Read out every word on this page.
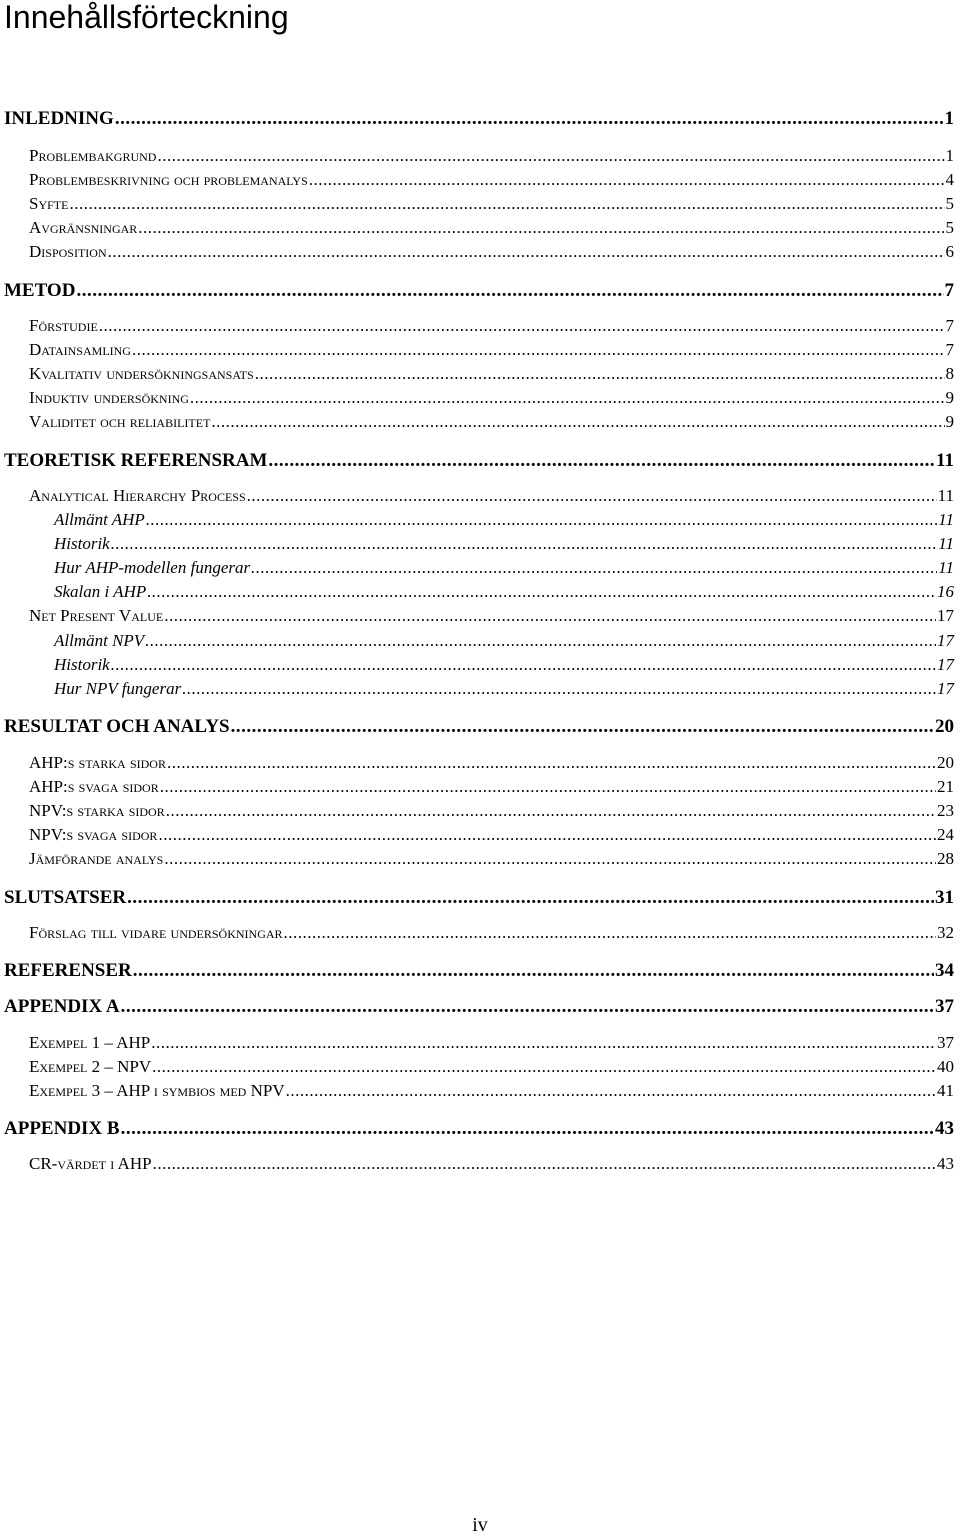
Innehållsförteckning
INLEDNING .....	1
Problembakgrund .....	1
Problembeskrivning och problemanalys .....	4
Syfte .....	5
Avgränsningar .....	5
Disposition .....	6
METOD .....	7
Förstudie .....	7
Datainsamling .....	7
Kvalitativ undersökningsansats .....	8
Induktiv undersökning .....	9
Validitet och reliabilitet .....	9
TEORETISK REFERENSRAM .....	11
Analytical Hierarchy Process .....	11
Allmänt AHP .....	11
Historik .....	11
Hur AHP-modellen fungerar .....	11
Skalan i AHP .....	16
Net Present Value .....	17
Allmänt NPV .....	17
Historik .....	17
Hur NPV fungerar .....	17
RESULTAT OCH ANALYS .....	20
AHP:s starka sidor .....	20
AHP:s svaga sidor .....	21
NPV:s starka sidor .....	23
NPV:s svaga sidor .....	24
Jämförande analys .....	28
SLUTSATSER .....	31
Förslag till vidare undersökningar .....	32
REFERENSER .....	34
APPENDIX A .....	37
Exempel 1 – AHP .....	37
Exempel 2 – NPV .....	40
Exempel 3 – AHP i symbios med NPV .....	41
APPENDIX B .....	43
CR-värdet i AHP .....	43
iv
